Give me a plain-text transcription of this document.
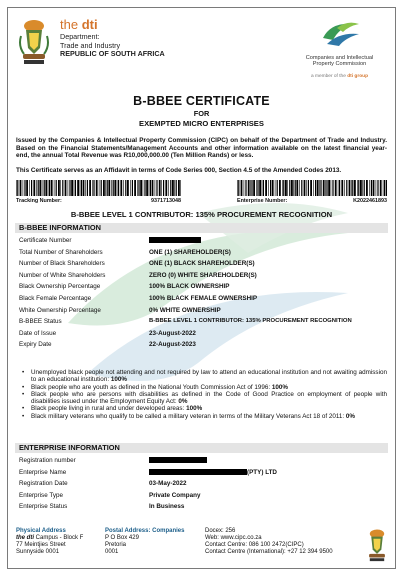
the dti
Department:
Trade and Industry
REPUBLIC OF SOUTH AFRICA	Companies and Intellectual
Property Commission
a member of the dti group
B-BBEE CERTIFICATE
FOR
EXEMPTED MICRO ENTERPRISES
Issued by the Companies & Intellectual Property Commission (CIPC) on behalf of the Department of Trade and Industry. Based on the Financial Statements/Management Accounts and other information available on the latest financial year-end, the annual Total Revenue was R10,000,000.00 (Ten Million Rands) or less.
This Certificate serves as an Affidavit in terms of Code Series 000, Section 4.5 of the Amended Codes 2013.
Tracking Number:	9371713048	Enterprise Number:	K2022461893
B-BBEE LEVEL 1 CONTRIBUTOR: 135% PROCUREMENT RECOGNITION
B-BBEE INFORMATION
Certificate Number
Total Number of Shareholders	ONE (1) SHAREHOLDER(S)
Number of Black Shareholders	ONE (1) BLACK SHAREHOLDER(S)
Number of White Shareholders	ZERO (0) WHITE SHAREHOLDER(S)
Black Ownership Percentage	100% BLACK OWNERSHIP
Black Female Percentage	100% BLACK FEMALE OWNERSHIP
White Ownership Percentage	0% WHITE OWNERSHIP
B-BBEE Status	B-BBEE LEVEL 1 CONTRIBUTOR: 135% PROCUREMENT RECOGNITION
Date of Issue	23-August-2022
Expiry Date	22-August-2023
• Unemployed black people not attending and not required by law to attend an educational institution and not awaiting admission to an educational institution: 100%
• Black people who are youth as defined in the National Youth Commission Act of 1996: 100%
• Black people who are persons with disabilities as defined in the Code of Good Practice on employment of people with disabilities issued under the Employment Equity Act: 0%
• Black people living in rural and under developed areas: 100%
• Black military veterans who qualify to be called a military veteran in terms of the Military Veterans Act 18 of 2011: 0%
ENTERPRISE INFORMATION
Registration number
Enterprise Name	(PTY) LTD
Registration Date	03-May-2022
Enterprise Type	Private Company
Enterprise Status	In Business
Physical Address
the dti Campus - Block F
77 Meintjies Street
Sunnyside 0001
Postal Address: Companies
P O Box 429
Pretoria
0001
Docex: 256
Web: www.cipc.co.za
Contact Centre: 086 100 2472(CIPC)
Contact Centre (International): +27 12 394 9500
